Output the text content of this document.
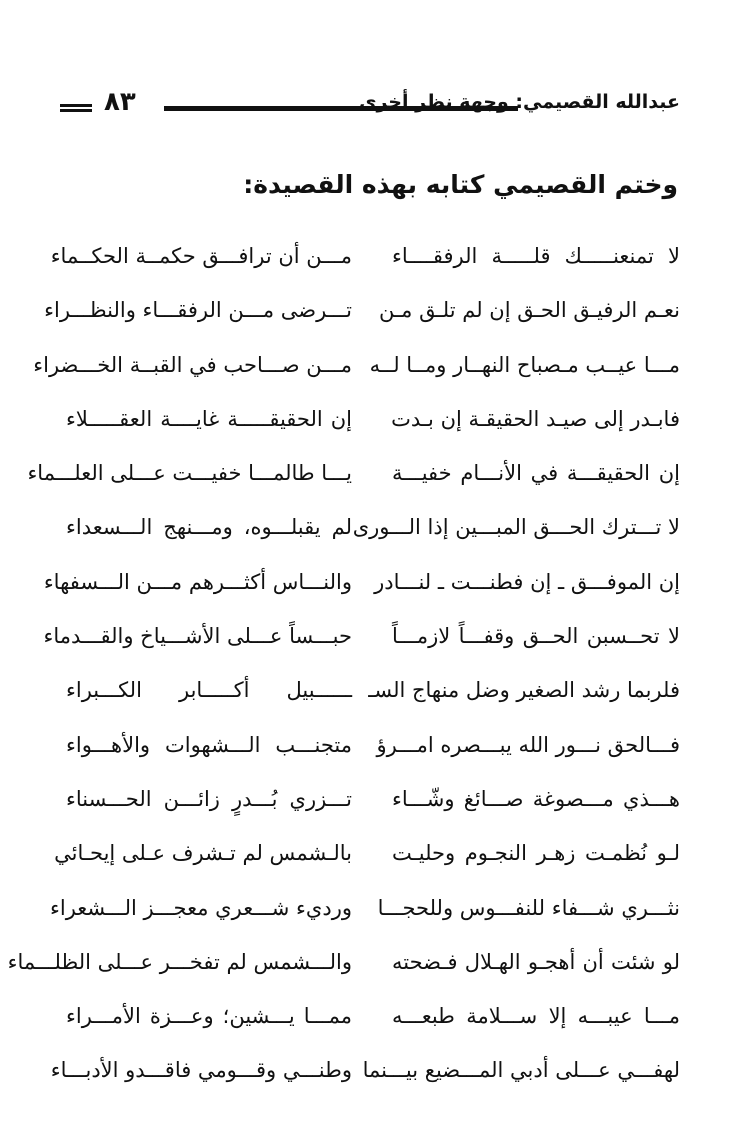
٨٣	عبدالله القصيمي: وجهة نظر أخرى
وختم القصيمي كتابه بهذه القصيدة:
لا تمنعنـــــك قلـــــة الرفقــــاء
مـــن أن ترافـــق حكمــة الحكــماء
نعـم الرفيـق الحـق إن لم تلـق مـن
تـــرضى مـــن الرفقـــاء والنظـــراء
مـــا عيــب مـصباح النهــار ومــا لــه
مـــن صـــاحب في القبــة الخـــضراء
فابـدر إلى صيـد الحقيقـة إن بـدت
إن الحقيقـــــة غايــــة العقـــــلاء
إن الحقيقـــة في الأنـــام خفيـــة
يـــا طالمـــا خفيـــت عـــلى العلـــماء
لا تـــترك الحـــق المبـــين إذا الـــورى
لم يقبلـــوه، ومـــنهج الـــسعداء
إن الموفـــق ـ إن فطنـــت ـ لنـــادر
والنـــاس أكثـــرهم مـــن الـــسفهاء
لا تحــسبن الحــق وقفـــاً لازمـــاً
حبـــساً عـــلى الأشـــياخ والقـــدماء
فلربما رشد الصغير وضل منهاج السـ
ــــــبيل أكـــــابر الكـــبراء
فـــالحق نـــور الله يبـــصره امـــرؤ
متجنـــب الـــشهوات والأهـــواء
هـــذي مـــصوغة صـــائغ وشّـــاء
تـــزري بُـــدرٍ زائـــن الحـــسناء
لـو نُظمـت زهـر النجـوم وحليـت
بالـشمس لم تـشرف عـلى إيحـائي
نثـــري شـــفاء للنفـــوس وللحجـــا
ورديء شـــعري معجـــز الـــشعراء
لو شئت أن أهجـو الهـلال فـضحته
والـــشمس لم تفخـــر عـــلى الظلـــماء
مـــا عيبـــه إلا ســـلامة طبعـــه
ممـــا يـــشين؛ وعـــزة الأمـــراء
لهفـــي عـــلى أدبي المـــضيع بيـــنما
وطنـــي وقـــومي فاقـــدو الأدبـــاء
